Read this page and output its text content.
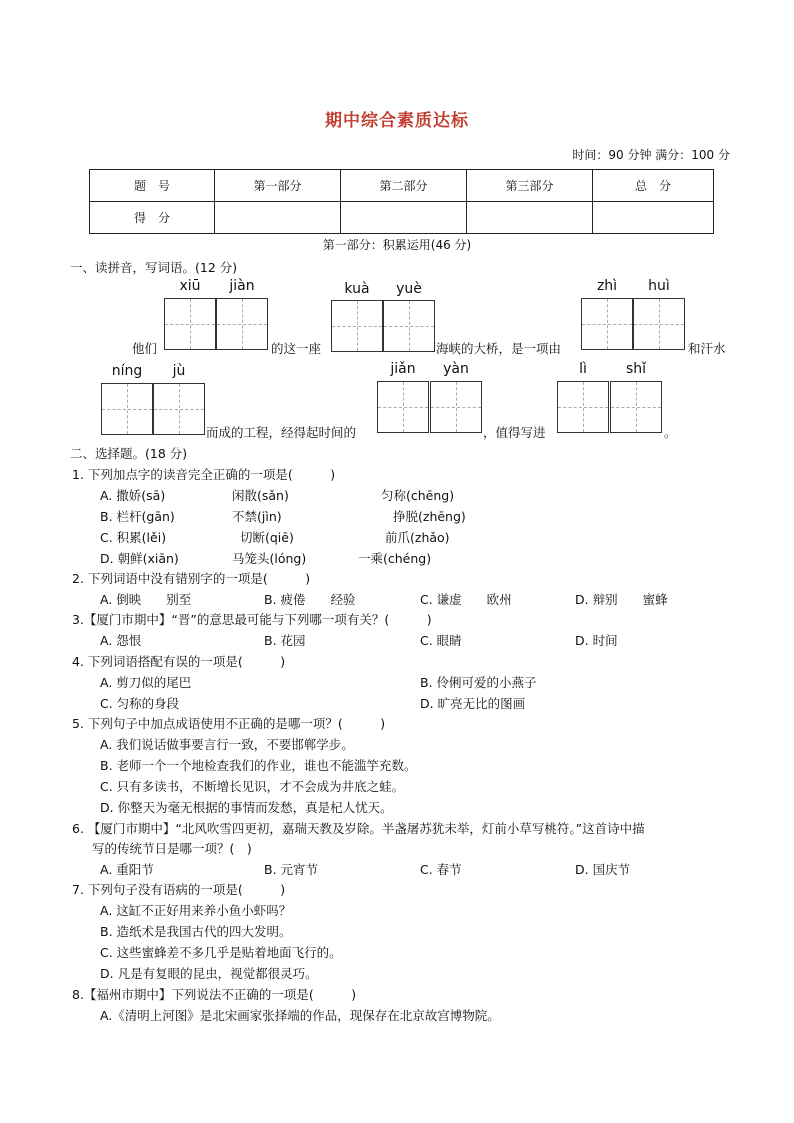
期中综合素质达标
时间：90 分钟 满分：100 分
题　号	第一部分	第二部分	第三部分	总　分
得　分				
第一部分：积累运用(46 分)
一、读拼音，写词语。(12 分)
xiū	jiàn	kuà	yuè	zhì	huì
他们	的这一座	海峡的大桥，是一项由	和汗水
níng	jù	jiǎn	yàn	lì	shǐ
而成的工程，经得起时间的	，值得写进	。
二、选择题。(18 分)
1. 下列加点字的读音完全正确的一项是(　　　)
A. 撒娇(sā)	闲散(sǎn)	匀称(chēng)
B. 栏杆(gān)	不禁(jìn)	挣脱(zhēng)
C. 积累(lěi)	切断(qiē)	前爪(zhǎo)
D. 朝鲜(xiān)	马笼头(lóng)	一乘(chéng)
2. 下列词语中没有错别字的一项是(　　　)
A. 倒映　　别至	B. 疲倦　　经验	C. 谦虚　　欧州	D. 辩别　　蜜蜂
3.【厦门市期中】“晋”的意思最可能与下列哪一项有关？(　　　)
A. 怨恨	B. 花园	C. 眼睛	D. 时间
4. 下列词语搭配有误的一项是(　　　)
A. 剪刀似的尾巴	B. 伶俐可爱的小燕子
C. 匀称的身段	D. 旷亮无比的图画
5. 下列句子中加点成语使用不正确的是哪一项？(　　　)
A. 我们说话做事要言行一致，不要邯郸学步。
B. 老师一个一个地检查我们的作业，谁也不能滥竽充数。
C. 只有多读书，不断增长见识，才不会成为井底之蛙。
D. 你整天为毫无根据的事情而发愁，真是杞人忧天。
6. 【厦门市期中】“北风吹雪四更初，嘉瑞天教及岁除。半盏屠苏犹未举，灯前小草写桃符。”这首诗中描
写的传统节日是哪一项？(　)
A. 重阳节	B. 元宵节	C. 春节	D. 国庆节
7. 下列句子没有语病的一项是(　　　)
A. 这缸不正好用来养小鱼小虾吗？
B. 造纸术是我国古代的四大发明。
C. 这些蜜蜂差不多几乎是贴着地面飞行的。
D. 凡是有复眼的昆虫，视觉都很灵巧。
8.【福州市期中】下列说法不正确的一项是(　　　)
A.《清明上河图》是北宋画家张择端的作品，现保存在北京故宫博物院。
